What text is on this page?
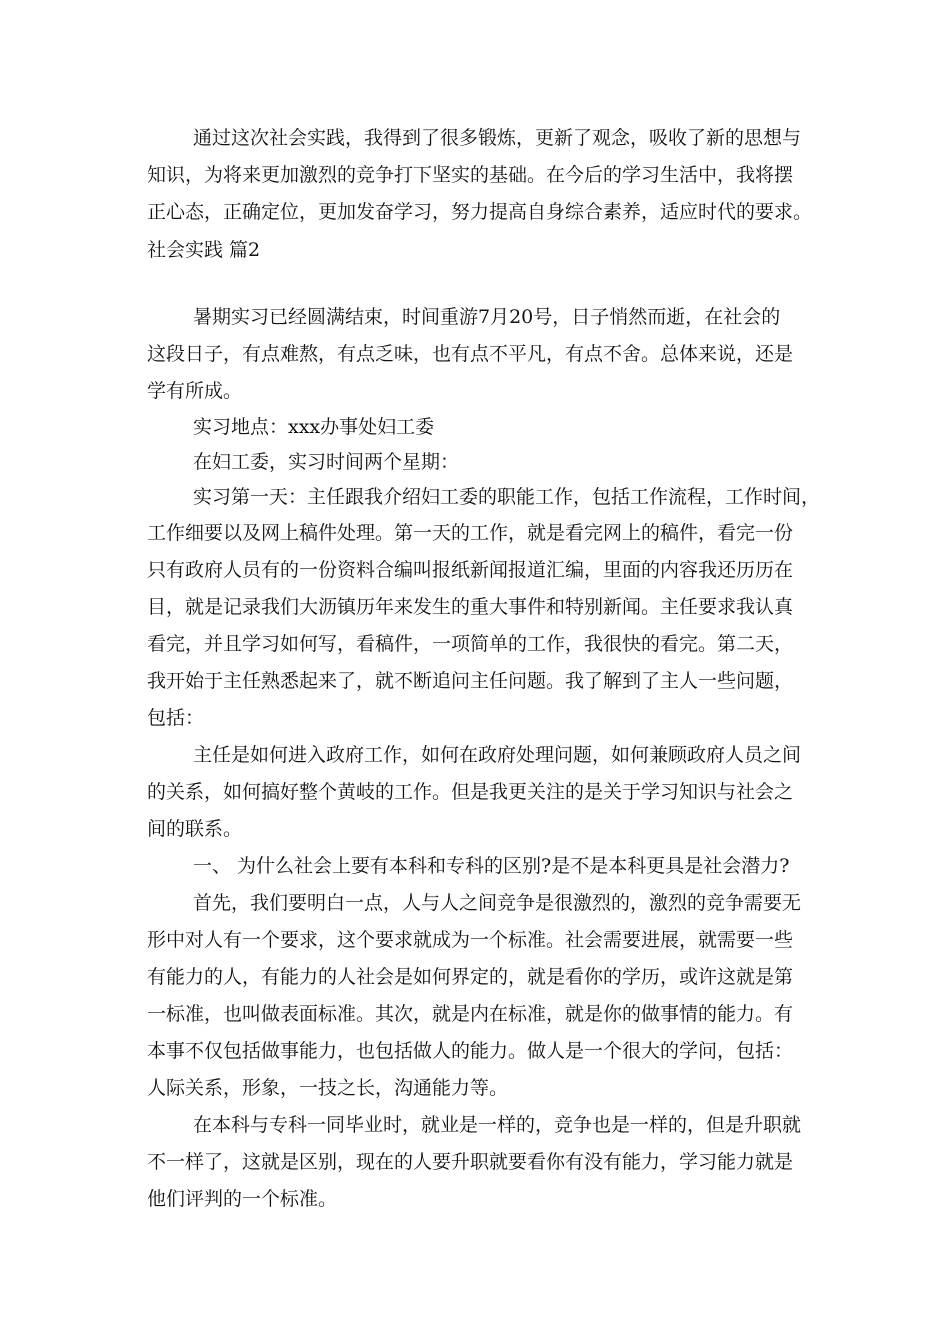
通过这次社会实践，我得到了很多锻炼，更新了观念，吸收了新的思想与
知识，为将来更加激烈的竞争打下坚实的基础。在今后的学习生活中，我将摆
正心态，正确定位，更加发奋学习，努力提高自身综合素养，适应时代的要求。
社会实践 篇2
暑期实习已经圆满结束，时间重游7月20号，日子悄然而逝，在社会的
这段日子，有点难熬，有点乏味，也有点不平凡，有点不舍。总体来说，还是
学有所成。
实习地点：xxx办事处妇工委
在妇工委，实习时间两个星期：
实习第一天：主任跟我介绍妇工委的职能工作，包括工作流程，工作时间，
工作细要以及网上稿件处理。第一天的工作，就是看完网上的稿件，看完一份
只有政府人员有的一份资料合编叫报纸新闻报道汇编，里面的内容我还历历在
目，就是记录我们大沥镇历年来发生的重大事件和特别新闻。主任要求我认真
看完，并且学习如何写，看稿件，一项简单的工作，我很快的看完。第二天，
我开始于主任熟悉起来了，就不断追问主任问题。我了解到了主人一些问题，
包括：
主任是如何进入政府工作，如何在政府处理问题，如何兼顾政府人员之间
的关系，如何搞好整个黄岐的工作。但是我更关注的是关于学习知识与社会之
间的联系。
一、 为什么社会上要有本科和专科的区别?是不是本科更具是社会潜力?
首先，我们要明白一点，人与人之间竞争是很激烈的，激烈的竞争需要无
形中对人有一个要求，这个要求就成为一个标准。社会需要进展，就需要一些
有能力的人，有能力的人社会是如何界定的，就是看你的学历，或许这就是第
一标准，也叫做表面标准。其次，就是内在标准，就是你的做事情的能力。有
本事不仅包括做事能力，也包括做人的能力。做人是一个很大的学问，包括：
人际关系，形象，一技之长，沟通能力等。
在本科与专科一同毕业时，就业是一样的，竞争也是一样的，但是升职就
不一样了，这就是区别，现在的人要升职就要看你有没有能力，学习能力就是
他们评判的一个标准。
